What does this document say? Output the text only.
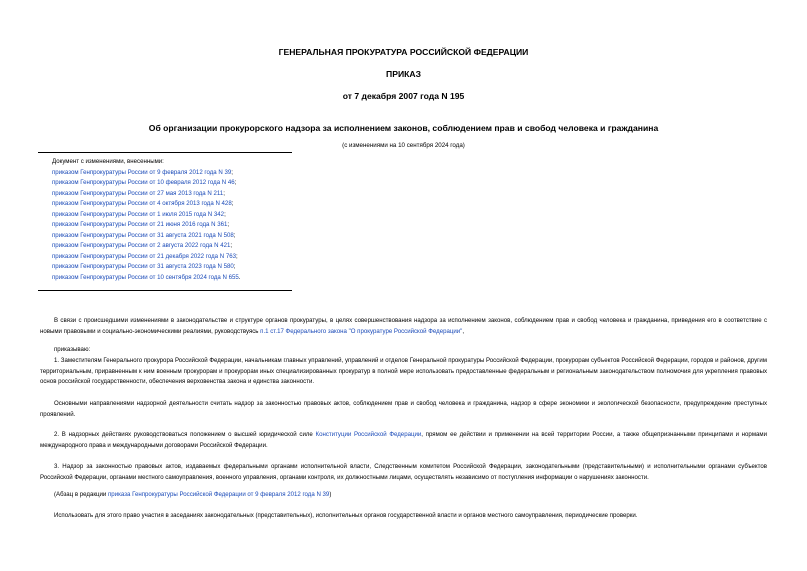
ГЕНЕРАЛЬНАЯ ПРОКУРАТУРА РОССИЙСКОЙ ФЕДЕРАЦИИ
ПРИКАЗ
от 7 декабря 2007 года N 195
Об организации прокурорского надзора за исполнением законов, соблюдением прав и свобод человека и гражданина
(с изменениями на 10 сентября 2024 года)
Документ с изменениями, внесенными:
приказом Генпрокуратуры России от 9 февраля 2012 года N 39;
приказом Генпрокуратуры России от 10 февраля 2012 года N 46;
приказом Генпрокуратуры России от 27 мая 2013 года N 211;
приказом Генпрокуратуры России от 4 октября 2013 года N 428;
приказом Генпрокуратуры России от 1 июля 2015 года N 342;
приказом Генпрокуратуры России от 21 июня 2016 года N 361;
приказом Генпрокуратуры России от 31 августа 2021 года N 508;
приказом Генпрокуратуры России от 2 августа 2022 года N 421;
приказом Генпрокуратуры России от 21 декабря 2022 года N 763;
приказом Генпрокуратуры России от 31 августа 2023 года N 580;
приказом Генпрокуратуры России от 10 сентября 2024 года N 655.
В связи с происшедшими изменениями в законодательстве и структуре органов прокуратуры, в целях совершенствования надзора за исполнением законов, соблюдением прав и свобод человека и гражданина, приведения его в соответствие с новыми правовыми и социально-экономическими реалиями, руководствуясь п.1 ст.17 Федерального закона "О прокуратуре Российской Федерации",
приказываю:
1. Заместителям Генерального прокурора Российской Федерации, начальникам главных управлений, управлений и отделов Генеральной прокуратуры Российской Федерации, прокурорам субъектов Российской Федерации, городов и районов, другим территориальным, приравненным к ним военным прокурорам и прокурорам иных специализированных прокуратур в полной мере использовать предоставленные федеральным и региональным законодательством полномочия для укрепления правовых основ российской государственности, обеспечения верховенства закона и единства законности.
Основными направлениями надзорной деятельности считать надзор за законностью правовых актов, соблюдением прав и свобод человека и гражданина, надзор в сфере экономики и экологической безопасности, предупреждение преступных проявлений.
2. В надзорных действиях руководствоваться положением о высшей юридической силе Конституции Российской Федерации, прямом ее действии и применении на всей территории России, а также общепризнанными принципами и нормами международного права и международными договорами Российской Федерации.
3. Надзор за законностью правовых актов, издаваемых федеральными органами исполнительной власти, Следственным комитетом Российской Федерации, законодательными (представительными) и исполнительными органами субъектов Российской Федерации, органами местного самоуправления, военного управления, органами контроля, их должностными лицами, осуществлять независимо от поступления информации о нарушениях законности.
(Абзац в редакции приказа Генпрокуратуры Российской Федерации от 9 февраля 2012 года N 39)
Использовать для этого право участия в заседаниях законодательных (представительных), исполнительных органов государственной власти и органов местного самоуправления, периодические проверки.
